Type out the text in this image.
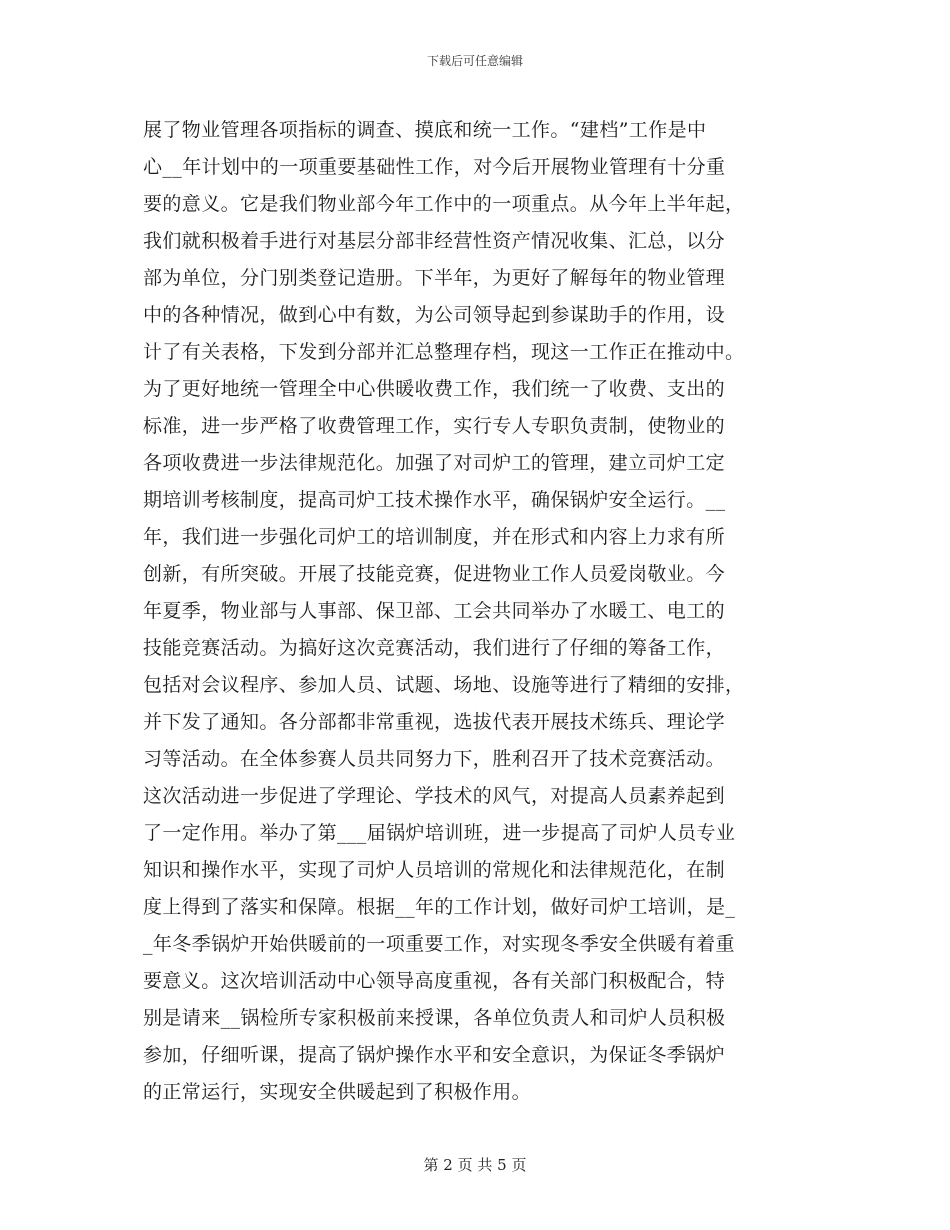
下载后可任意编辑
展了物业管理各项指标的调查、摸底和统一工作。“建档”工作是中
心__年计划中的一项重要基础性工作，对今后开展物业管理有十分重
要的意义。它是我们物业部今年工作中的一项重点。从今年上半年起，
我们就积极着手进行对基层分部非经营性资产情况收集、汇总，以分
部为单位，分门别类登记造册。下半年，为更好了解每年的物业管理
中的各种情况，做到心中有数，为公司领导起到参谋助手的作用，设
计了有关表格，下发到分部并汇总整理存档，现这一工作正在推动中。
为了更好地统一管理全中心供暖收费工作，我们统一了收费、支出的
标准，进一步严格了收费管理工作，实行专人专职负责制，使物业的
各项收费进一步法律规范化。加强了对司炉工的管理，建立司炉工定
期培训考核制度，提高司炉工技术操作水平，确保锅炉安全运行。__
年，我们进一步强化司炉工的培训制度，并在形式和内容上力求有所
创新，有所突破。开展了技能竞赛，促进物业工作人员爱岗敬业。今
年夏季，物业部与人事部、保卫部、工会共同举办了水暖工、电工的
技能竞赛活动。为搞好这次竞赛活动，我们进行了仔细的筹备工作，
包括对会议程序、参加人员、试题、场地、设施等进行了精细的安排，
并下发了通知。各分部都非常重视，选拔代表开展技术练兵、理论学
习等活动。在全体参赛人员共同努力下，胜利召开了技术竞赛活动。
这次活动进一步促进了学理论、学技术的风气，对提高人员素养起到
了一定作用。举办了第___届锅炉培训班，进一步提高了司炉人员专业
知识和操作水平，实现了司炉人员培训的常规化和法律规范化，在制
度上得到了落实和保障。根据__年的工作计划，做好司炉工培训，是_
_年冬季锅炉开始供暖前的一项重要工作，对实现冬季安全供暖有着重
要意义。这次培训活动中心领导高度重视，各有关部门积极配合，特
别是请来__锅检所专家积极前来授课，各单位负责人和司炉人员积极
参加，仔细听课，提高了锅炉操作水平和安全意识，为保证冬季锅炉
的正常运行，实现安全供暖起到了积极作用。
第 2 页 共 5 页
